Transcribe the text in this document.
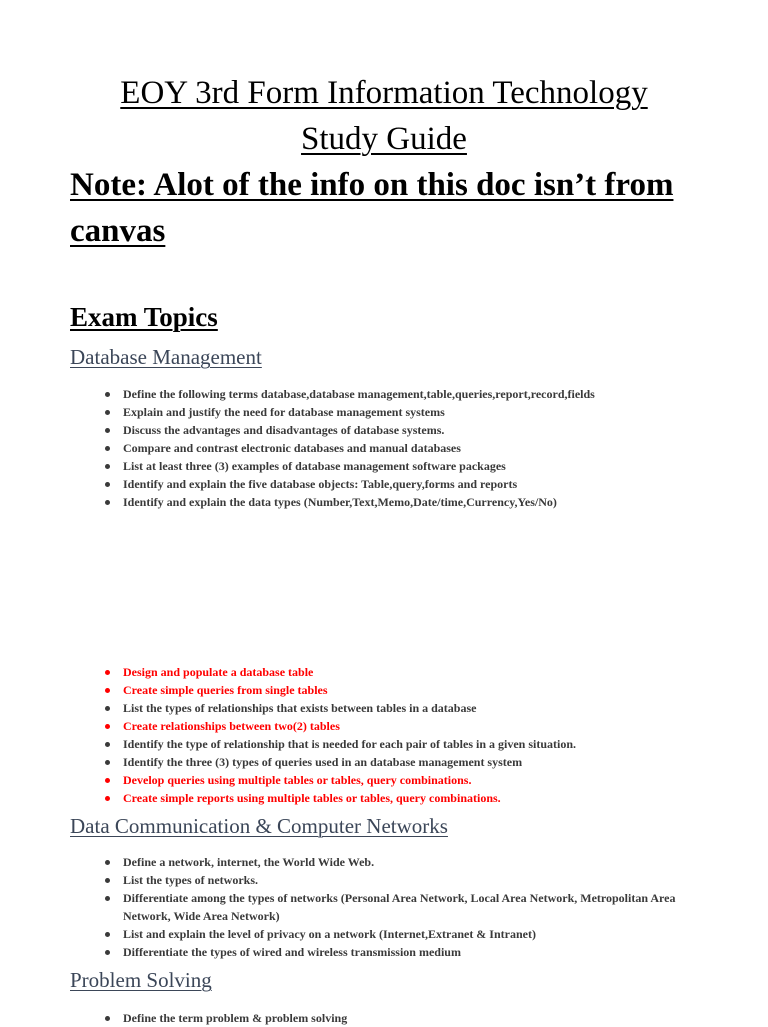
EOY 3rd Form Information Technology
Study Guide
Note: Alot of the info on this doc isn’t from canvas
Exam Topics
Database Management
Define the following terms database,database management,table,queries,report,record,fields
Explain and justify the need for database management systems
Discuss the advantages and disadvantages of database systems.
Compare and contrast electronic databases and manual databases
List at least three (3) examples of database management software packages
Identify and explain the five database objects: Table,query,forms and reports
Identify and explain the data types (Number,Text,Memo,Date/time,Currency,Yes/No)
Design and populate a database table
Create simple queries from single tables
List the types of relationships that exists between tables in a database
Create relationships between two(2) tables
Identify the type of relationship that is needed for each pair of tables in a given situation.
Identify the three (3) types of queries used in an database management system
Develop queries using multiple tables or tables, query combinations.
Create simple reports using multiple tables or tables, query combinations.
Data Communication & Computer Networks
Define a network, internet, the World Wide Web.
List the types of networks.
Differentiate among the types of networks (Personal Area Network, Local Area Network, Metropolitan Area Network, Wide Area Network)
List and explain the level of privacy on a network (Internet,Extranet & Intranet)
Differentiate the types of wired and wireless transmission medium
Problem Solving
Define the term problem & problem solving
